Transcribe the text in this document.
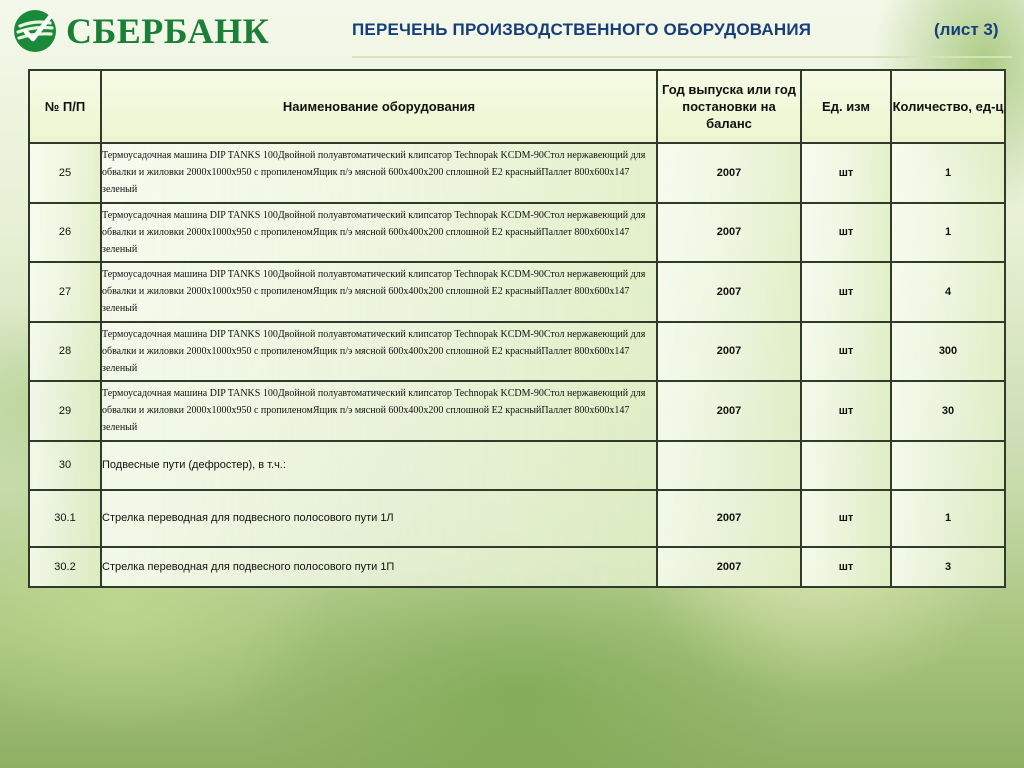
СБЕРБАНК	ПЕРЕЧЕНЬ ПРОИЗВОДСТВЕННОГО ОБОРУДОВАНИЯ	(лист 3)
№ П/П	Наименование оборудования	Год выпуска или год постановки на баланс	Ед. изм	Количество, ед-ц
25	Термоусадочная машина DIP TANKS 100Двойной полуавтоматический клипсатор Technopak KCDM-90Стол нержавеющий для обвалки и жиловки 2000х1000х950 с пропиленомЯщик п/э мясной 600х400х200 сплошной Е2 красныйПаллет 800х600х147 зеленый	2007	шт	1
26	Термоусадочная машина DIP TANKS 100Двойной полуавтоматический клипсатор Technopak KCDM-90Стол нержавеющий для обвалки и жиловки 2000х1000х950 с пропиленомЯщик п/э мясной 600х400х200 сплошной Е2 красныйПаллет 800х600х147 зеленый	2007	шт	1
27	Термоусадочная машина DIP TANKS 100Двойной полуавтоматический клипсатор Technopak KCDM-90Стол нержавеющий для обвалки и жиловки 2000х1000х950 с пропиленомЯщик п/э мясной 600х400х200 сплошной Е2 красныйПаллет 800х600х147 зеленый	2007	шт	4
28	Термоусадочная машина DIP TANKS 100Двойной полуавтоматический клипсатор Technopak KCDM-90Стол нержавеющий для обвалки и жиловки 2000х1000х950 с пропиленомЯщик п/э мясной 600х400х200 сплошной Е2 красныйПаллет 800х600х147 зеленый	2007	шт	300
29	Термоусадочная машина DIP TANKS 100Двойной полуавтоматический клипсатор Technopak KCDM-90Стол нержавеющий для обвалки и жиловки 2000х1000х950 с пропиленомЯщик п/э мясной 600х400х200 сплошной Е2 красныйПаллет 800х600х147 зеленый	2007	шт	30
30	Подвесные пути (дефростер), в т.ч.:			

30.1	Стрелка переводная для подвесного полосового пути 1Л	2007	шт	1
30.2	Стрелка переводная для подвесного полосового пути 1П	2007	шт	3
